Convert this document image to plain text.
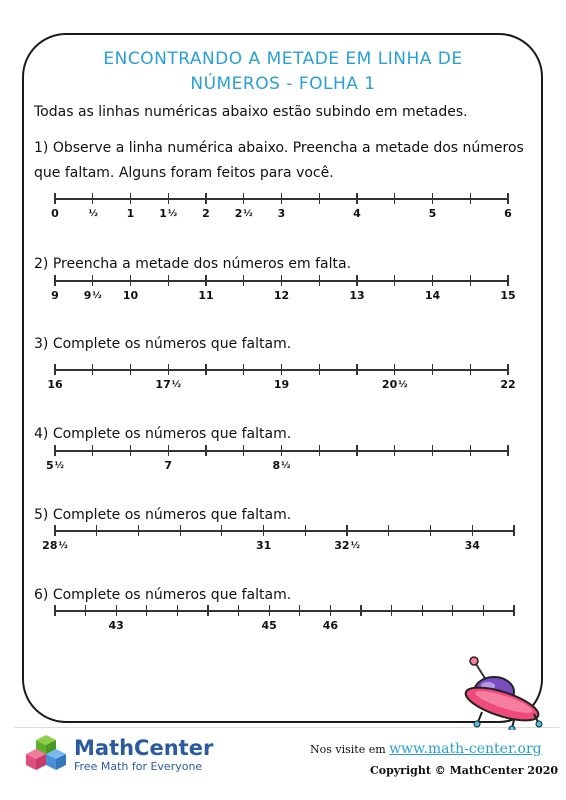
ENCONTRANDO A METADE EM LINHA DE
NÚMEROS - FOLHA 1
Todas as linhas numéricas abaixo estão subindo em metades.
1) Observe a linha numérica abaixo. Preencha a metade dos números
que faltam. Alguns foram feitos para você.
2) Preencha a metade dos números em falta.
3) Complete os números que faltam.
4) Complete os números que faltam.
5) Complete os números que faltam.
6) Complete os números que faltam.
0	½	1 1½ 2 2½ 3	4	5	6
9 9½ 10	11	12	13	14	15
16	17½	19	20½	22
5½	7	8½
28½	31	32½	34
43	45	46
MathCenter
Free Math for Everyone
Nos visite em www.math-center.org
Copyright © MathCenter 2020
